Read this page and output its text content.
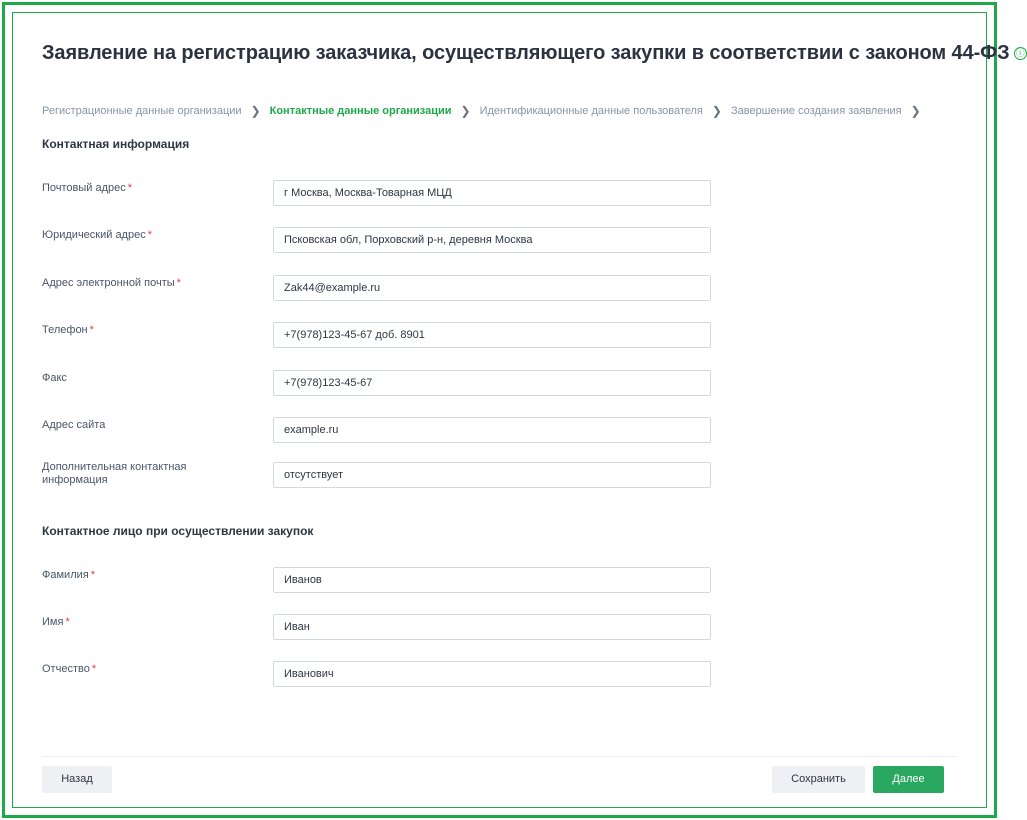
Заявление на регистрацию заказчика, осуществляющего закупки в соответствии с законом 44-ФЗ ⓘ
Регистрационные данные организации ❯ Контактные данные организации ❯ Идентификационные данные пользователя ❯ Завершение создания заявления ❯
Контактная информация
Почтовый адрес *
г Москва, Москва-Товарная МЦД
Юридический адрес *
Псковская обл, Порховский р-н, деревня Москва
Адрес электронной почты *
Zak44@example.ru
Телефон *
+7(978)123-45-67 доб. 8901
Факс
+7(978)123-45-67
Адрес сайта
example.ru
Дополнительная контактная информация
отсутствует
Контактное лицо при осуществлении закупок
Фамилия *
Иванов
Имя *
Иван
Отчество *
Иванович
Назад	Сохранить	Далее
